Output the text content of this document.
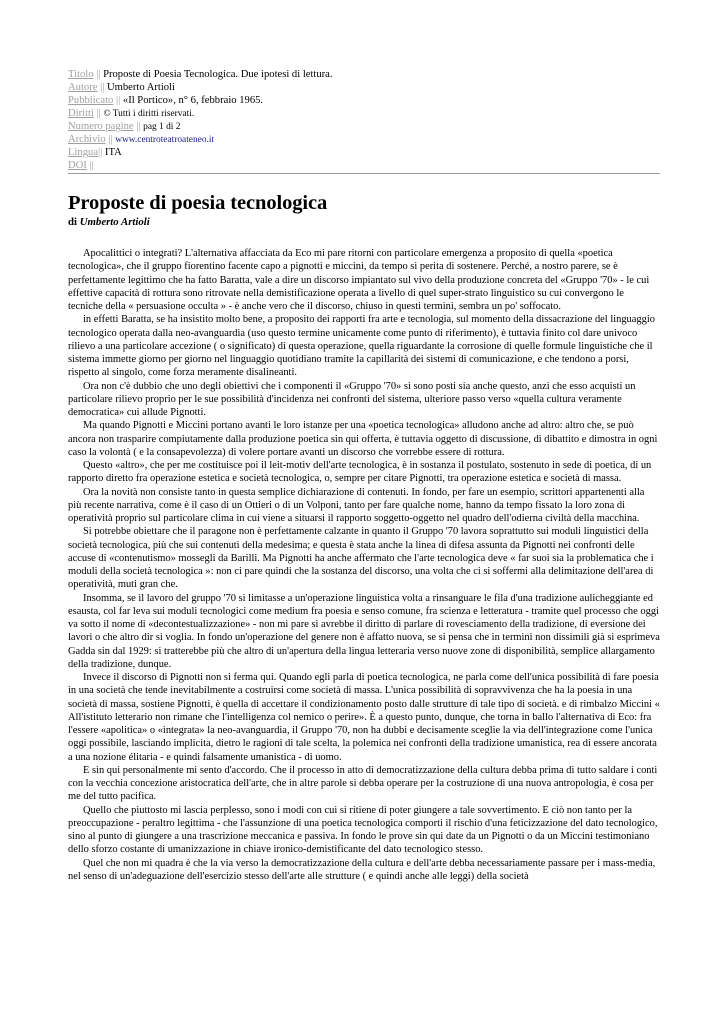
Titolo || Proposte di Poesia Tecnologica. Due ipotesi di lettura.
Autore || Umberto Artioli
Pubblicato || «Il Portico», n° 6, febbraio 1965.
Diritti || © Tutti i diritti riservati.
Numero pagine || pag 1 di 2
Archivio || www.centroteatroateneo.it
Lingua|| ITA
DOI ||
Proposte di poesia tecnologica
di Umberto Artioli

Apocalittici o integrati? L'alternativa affacciata da Eco mi pare ritorni con particolare emergenza a proposito di quella «poetica tecnologica», che il gruppo fiorentino facente capo a pignotti e miccini, da tempo si perita di sostenere. Perché, a nostro parere, se è perfettamente legittimo che ha fatto Baratta, vale a dire un discorso impiantato sul vivo della produzione concreta del «Gruppo '70» - le cui effettive capacità di rottura sono ritrovate nella demistificazione operata a livello di quel super-strato linguistico su cui convergono le tecniche della « persuasione occulta » - è anche vero che il discorso, chiuso in questi termini, sembra un po' soffocato.

in effetti Baratta, se ha insistito molto bene, a proposito dei rapporti fra arte e tecnologia, sul momento della dissacrazione del linguaggio tecnologico operata dalla neo-avanguardia (uso questo termine unicamente come punto di riferimento), è tuttavia finito col dare univoco rilievo a una particolare accezione ( o significato) di questa operazione, quella riguardante la corrosione di quelle formule linguistiche che il sistema immette giorno per giorno nel linguaggio quotidiano tramite la capillarità dei sistemi di comunicazione, e che tendono a porsi, rispetto al singolo, come forza meramente disalineanti.

Ora non c'è dubbio che uno degli obiettivi che i componenti il «Gruppo '70» si sono posti sia anche questo, anzi che esso acquisti un particolare rilievo proprio per le sue possibilità d'incidenza nei confronti del sistema, ulteriore passo verso «quella cultura veramente democratica» cui allude Pignotti.

Ma quando Pignotti e Miccini portano avanti le loro istanze per una «poetica tecnologica» alludono anche ad altro: altro che, se può ancora non trasparire compiutamente dalla produzione poetica sin qui offerta, è tuttavia oggetto di discussione, di dibattito e dimostra in ogni caso la volontà ( e la consapevolezza) di volere portare avanti un discorso che vorrebbe essere di rottura.

Questo «altro», che per me costituisce poi il leit-motiv dell'arte tecnologica, è in sostanza il postulato, sostenuto in sede di poetica, di un rapporto diretto fra operazione estetica e società tecnologica, o, sempre per citare Pignotti, tra operazione estetica e società di massa.

Ora la novità non consiste tanto in questa semplice dichiarazione di contenuti. In fondo, per fare un esempio, scrittori appartenenti alla più recente narrativa, come è il caso di un Ottieri o di un Volponi, tanto per fare qualche nome, hanno da tempo fissato la loro zona di operatività proprio sul particolare clima in cui viene a situarsi il rapporto soggetto-oggetto nel quadro dell'odierna civiltà della macchina.

Si potrebbe obiettare che il paragone non è perfettamente calzante in quanto il Gruppo '70 lavora soprattutto sui moduli linguistici della società tecnologica, più che sui contenuti della medesima; e questa è stata anche la linea di difesa assunta da Pignotti nei confronti delle accuse di «contenutismo» mossegli da Barilli. Ma Pignotti ha anche affermato che l'arte tecnologica deve « far suoi sia la problematica che i moduli della società tecnologica »: non ci pare quindi che la sostanza del discorso, una volta che ci si soffermi alla delimitazione dell'area di operatività, muti gran che.

Insomma, se il lavoro del gruppo '70 si limitasse a un'operazione linguistica volta a rinsanguare le fila d'una tradizione aulicheggiante ed esausta, col far leva sui moduli tecnologici come medium fra poesia e senso comune, fra scienza e letteratura - tramite quel processo che oggi va sotto il nome di «decontestualizzazione» - non mi pare si avrebbe il diritto di parlare di rovesciamento della tradizione, di eversione dei lavori o che altro dir si voglia. In fondo un'operazione del genere non è affatto nuova, se si pensa che in termini non dissimili già si esprimeva Gadda sin dal 1929: si tratterebbe più che altro di un'apertura della lingua letteraria verso nuove zone di disponibilità, semplice allargamento della tradizione, dunque.

Invece il discorso di Pignotti non si ferma qui. Quando egli parla di poetica tecnologica, ne parla come dell'unica possibilità di fare poesia in una società che tende inevitabilmente a costruirsi come società di massa. L'unica possibilità di sopravvivenza che ha la poesia in una società di massa, sostiene Pignotti, è quella di accettare il condizionamento posto dalle strutture di tale tipo di società. e di rimbalzo Miccini « All'istituto letterario non rimane che l'intelligenza col nemico o perire». È a questo punto, dunque, che torna in ballo l'alternativa di Eco: fra l'essere «apolitica» o «integrata» la neo-avanguardia, il Gruppo '70, non ha dubbi e decisamente sceglie la via dell'integrazione come l'unica oggi possibile, lasciando implicita, dietro le ragioni di tale scelta, la polemica nei confronti della tradizione umanistica, rea di essere ancorata a una nozione élitaria - e quindi falsamente umanistica - di uomo.

E sin qui personalmente mi sento d'accordo. Che il processo in atto di democratizzazione della cultura debba prima di tutto saldare i conti con la vecchia concezione aristocratica dell'arte, che in altre parole si debba operare per la costruzione di una nuova antropologia, è cosa per me del tutto pacifica.

Quello che piuttosto mi lascia perplesso, sono i modi con cui si ritiene di poter giungere a tale sovvertimento. E ciò non tanto per la preoccupazione - peraltro legittima - che l'assunzione di una poetica tecnologica comporti il rischio d'una feticizzazione del dato tecnologico, sino al punto di giungere a una trascrizione meccanica e passiva. In fondo le prove sin qui date da un Pignotti o da un Miccini testimoniano dello sforzo costante di umanizzazione in chiave ironico-demistificante del dato tecnologico stesso.

Quel che non mi quadra è che la via verso la democratizzazione della cultura e dell'arte debba necessariamente passare per i mass-media, nel senso di un'adeguazione dell'esercizio stesso dell'arte alle strutture ( e quindi anche alle leggi) della società
